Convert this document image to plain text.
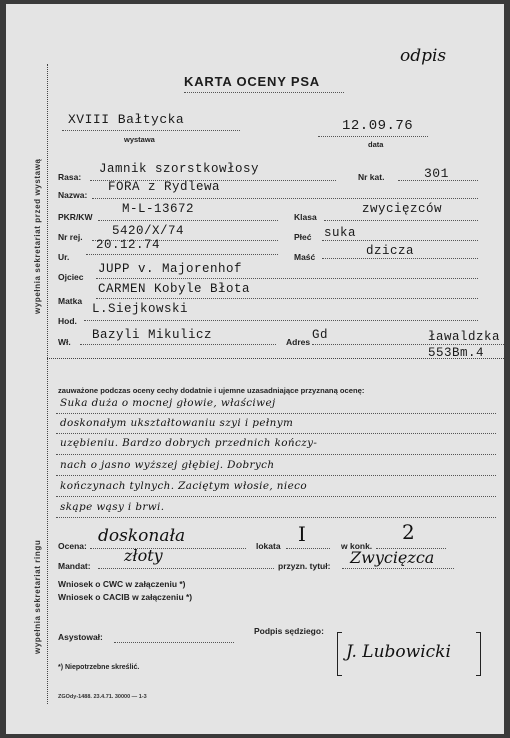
wypełnia sekretariat przed wystawą
wypełnia sekretariat ringu
odpis
KARTA OCENY PSA
XVIII Bałtycka
wystawa
12.09.76
data
Rasa:
Jamnik szorstkowłosy
Nr kat.	301
Nazwa:
FORA z Rydlewa
PKR/KW
M-L-13672
Klasa
zwycięzców
Nr rej. 5420/X/74	Płeć suka
Ur.
20.12.74
Maść	dzicza
Ojciec
JUPP v. Majorenhof
Matka
CARMEN Kobyle Błota
Hod.
L.Siejkowski
Wł. Bazyli Mikulicz	Adres Gd	ławaldzka
553Bm.4
zauważone podczas oceny cechy dodatnie i ujemne uzasadniające przyznaną ocenę:
Suka duża o mocnej głowie, właściwej
doskonałym ukształtowaniu szyi i pełnym
uzębieniu. Bardzo dobrych przednich kończy-
nach o jasno wyższej głębiej. Dobrych
kończynach tylnych. Zaciętym włosie, nieco
skąpe wąsy i brwi.
Ocena: doskonała	lokata I	w konk.
2
Mandat:
złoty
przyzn. tytuł: Zwycięzca
Wniosek o CWC w załączeniu *)
Wniosek o CACIB w załączeniu *)
Asystował:
Podpis sędziego:
J. Lubowicki
*) Niepotrzebne skreślić.
ZGOdy-1488. 23.4.71. 30000 — 1-3
